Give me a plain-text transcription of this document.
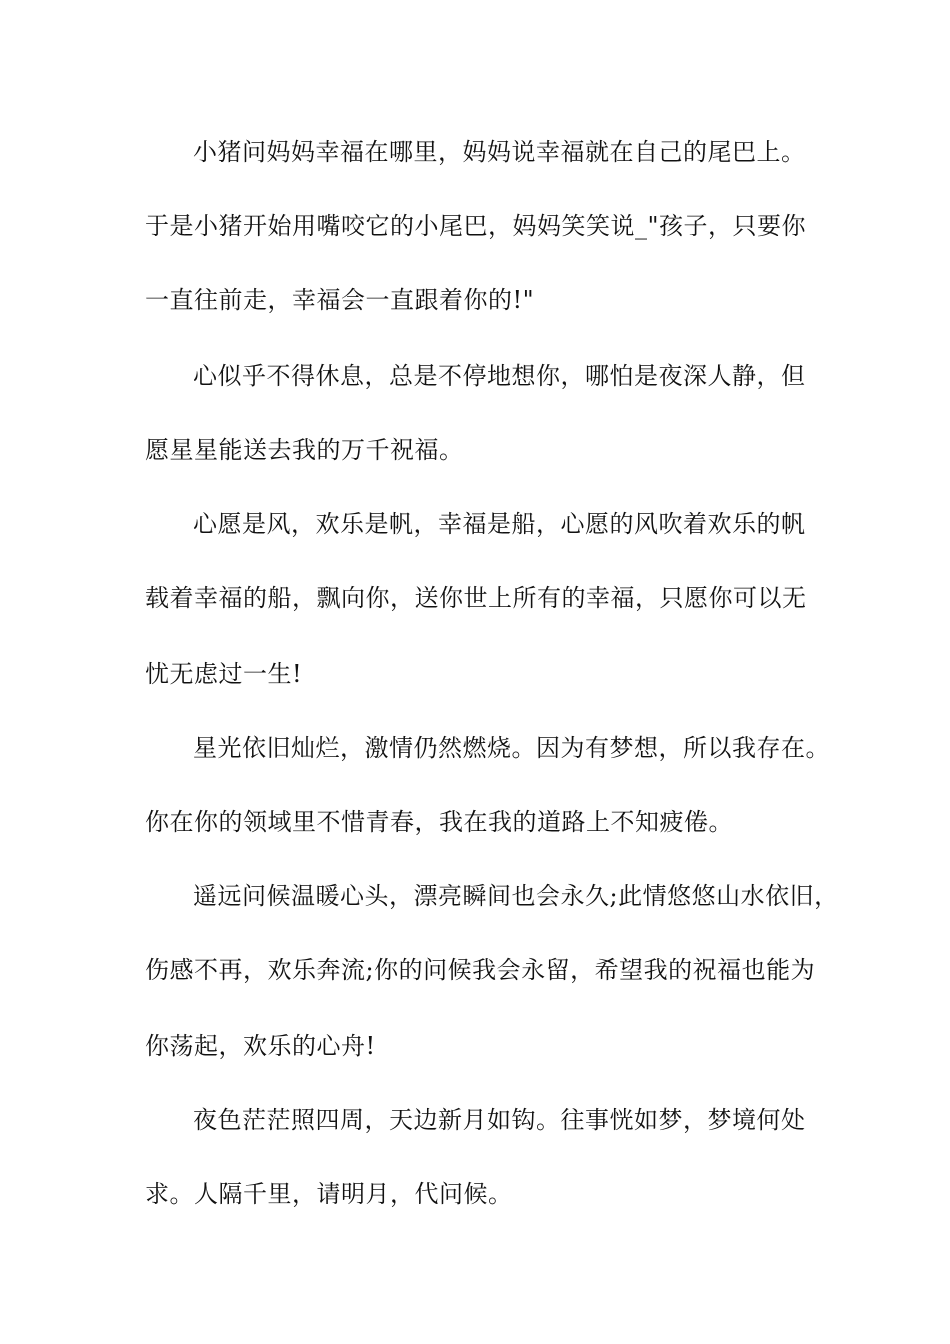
小猪问妈妈幸福在哪里，妈妈说幸福就在自己的尾巴上。
于是小猪开始用嘴咬它的小尾巴，妈妈笑笑说_"孩子，只要你
一直往前走，幸福会一直跟着你的!"
心似乎不得休息，总是不停地想你，哪怕是夜深人静，但
愿星星能送去我的万千祝福。
心愿是风，欢乐是帆，幸福是船，心愿的风吹着欢乐的帆
载着幸福的船，飘向你，送你世上所有的幸福，只愿你可以无
忧无虑过一生!
星光依旧灿烂，激情仍然燃烧。因为有梦想，所以我存在。
你在你的领域里不惜青春，我在我的道路上不知疲倦。
遥远问候温暖心头，漂亮瞬间也会永久;此情悠悠山水依旧，
伤感不再，欢乐奔流;你的问候我会永留，希望我的祝福也能为
你荡起，欢乐的心舟!
夜色茫茫照四周，天边新月如钩。往事恍如梦，梦境何处
求。人隔千里，请明月，代问候。
